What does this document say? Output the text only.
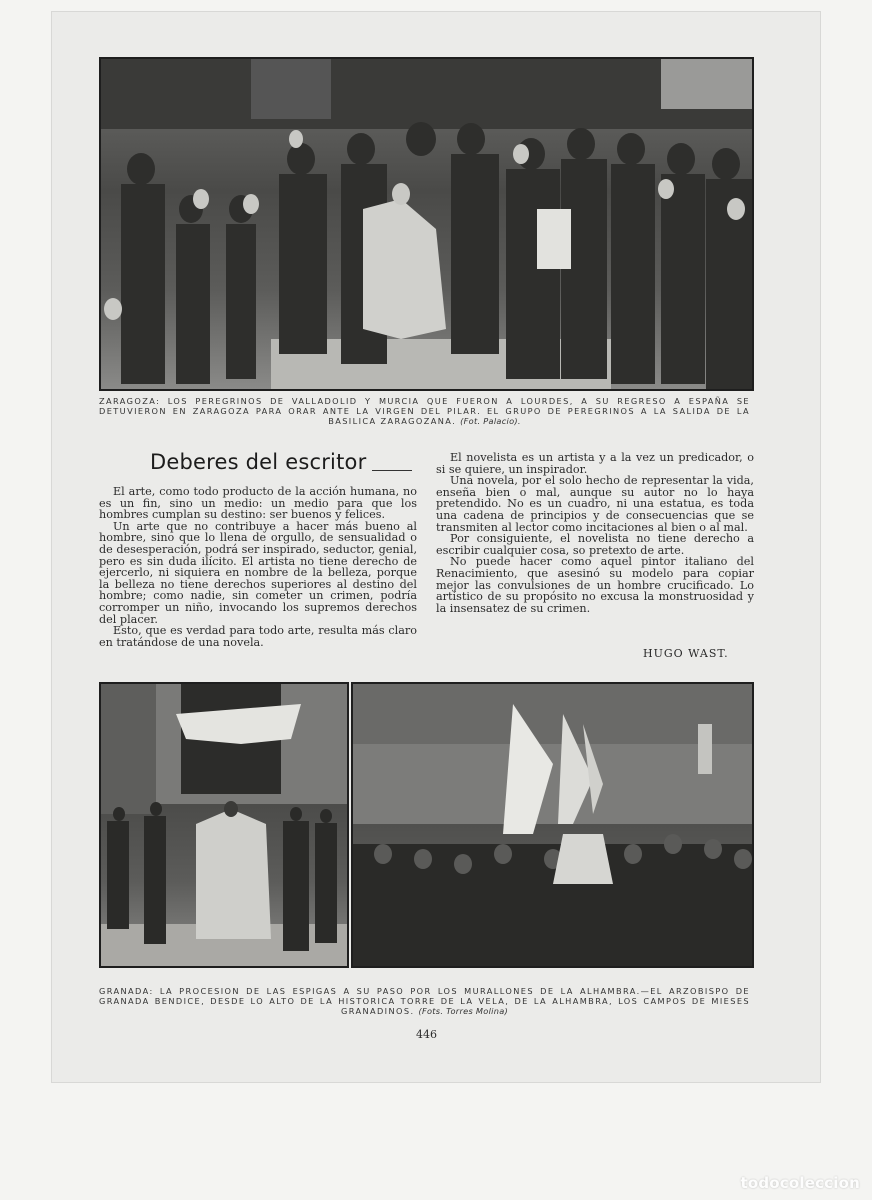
ZARAGOZA: LOS PEREGRINOS DE VALLADOLID Y MURCIA QUE FUERON A LOURDES, A SU REGRESO A ESPAÑA SE DETUVIERON EN ZARAGOZA PARA ORAR ANTE LA VIRGEN DEL PILAR. EL GRUPO DE PEREGRINOS A LA SALIDA DE LA BASILICA ZARAGOZANA. (Fot. Palacio).
Deberes del escritor

El arte, como todo producto de la acción humana, no es un fin, sino un medio: un medio para que los hombres cumplan su destino: ser buenos y felices.

Un arte que no contribuye a hacer más bueno al hombre, sino que lo llena de orgullo, de sensualidad o de desesperación, podrá ser inspirado, seductor, genial, pero es sin duda ilícito. El artista no tiene derecho de ejercerlo, ni siquiera en nombre de la belleza, porque la belleza no tiene derechos superiores al destino del hombre; como nadie, sin cometer un crimen, podría corromper un niño, invocando los supremos derechos del placer.

Esto, que es verdad para todo arte, resulta más claro en tratándose de una novela.

El novelista es un artista y a la vez un predicador, o si se quiere, un inspirador.

Una novela, por el solo hecho de representar la vida, enseña bien o mal, aunque su autor no lo haya pretendido. No es un cuadro, ni una estatua, es toda una cadena de principios y de consecuencias que se transmiten al lector como incitaciones al bien o al mal.

Por consiguiente, el novelista no tiene derecho a escribir cualquier cosa, so pretexto de arte.

No puede hacer como aquel pintor italiano del Renacimiento, que asesinó su modelo para copiar mejor las convulsiones de un hombre crucificado. Lo artístico de su propósito no excusa la monstruosidad y la insensatez de su crimen.

HUGO WAST.
GRANADA: LA PROCESION DE LAS ESPIGAS A SU PASO POR LOS MURALLONES DE LA ALHAMBRA.—EL ARZOBISPO DE GRANADA BENDICE, DESDE LO ALTO DE LA HISTORICA TORRE DE LA VELA, DE LA ALHAMBRA, LOS CAMPOS DE MIESES GRANADINOS. (Fots. Torres Molina)
446
todocoleccion
